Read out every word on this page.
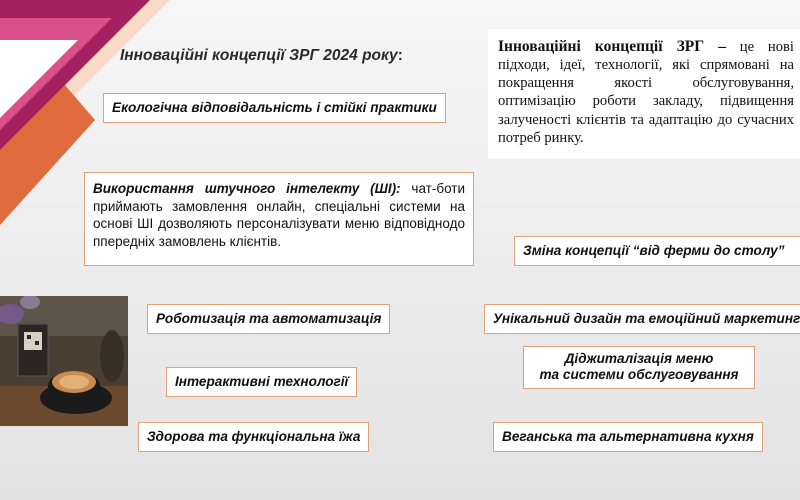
Інноваційні концепції ЗРГ 2024 року:
Інноваційні концепції ЗРГ – це нові підходи, ідеї, технології, які спрямовані на покращення якості обслуговування, оптимізацію роботи закладу, підвищення залученості клієнтів та адаптацію до сучасних потреб ринку.
Екологічна відповідальність і стійкі практики
Використання штучного інтелекту (ШІ): чат-боти приймають замовлення онлайн, спеціальні системи на основі ШІ дозволяють персоналізувати меню відповіднодо ппередніх замовлень клієнтів.
Зміна концепції “від ферми до столу”
Роботизація та автоматизація	Унікальний дизайн та емоційний маркетинг
Діджиталізація меню
та системи обслуговування
Інтерактивні технології
Здорова та функціональна їжа	Веганська та альтернативна кухня
